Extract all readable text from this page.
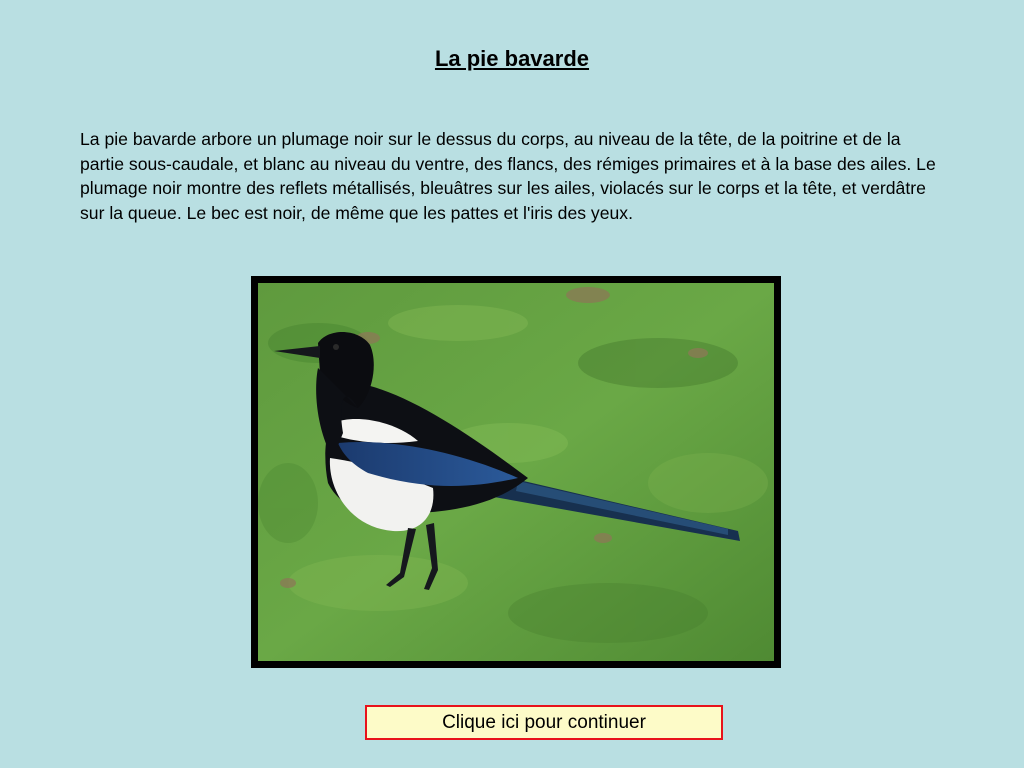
La pie bavarde
La pie bavarde arbore un plumage noir sur le dessus du corps, au niveau de la tête, de la poitrine et de la partie sous-caudale, et blanc au niveau du ventre, des flancs, des rémiges primaires et à la base des ailes. Le plumage noir montre des reflets métallisés, bleuâtres sur les ailes, violacés sur le corps et la tête, et verdâtre sur la queue. Le bec est noir, de même que les pattes et l'iris des yeux.
Clique ici pour continuer
